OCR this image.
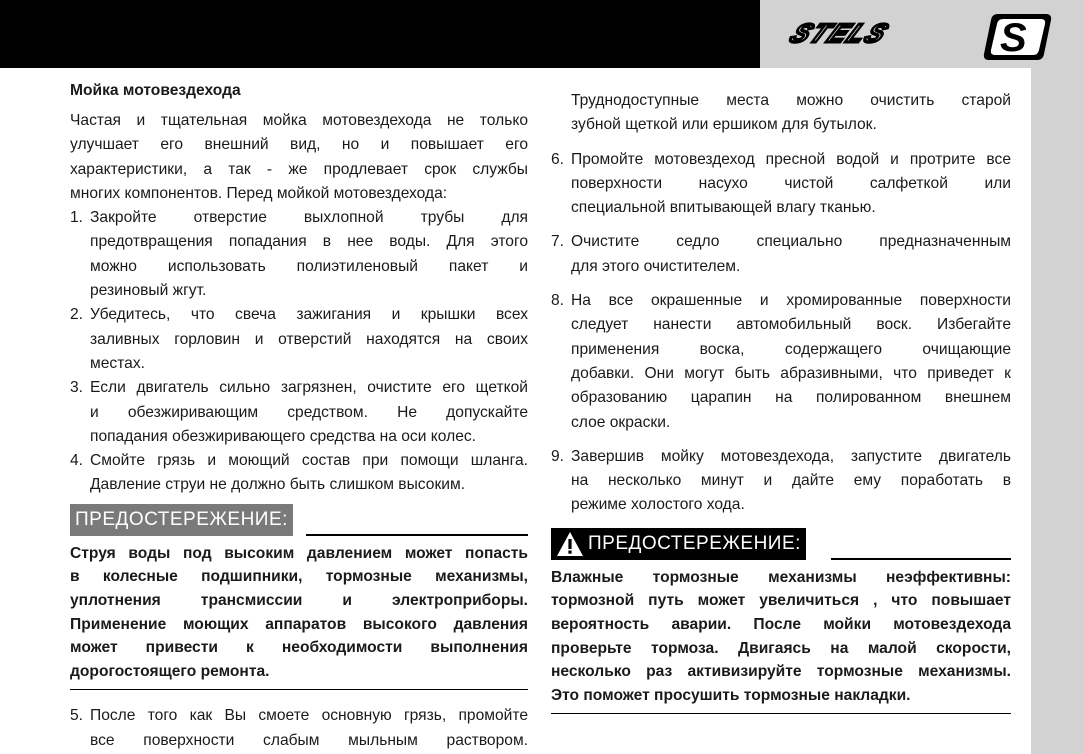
STELS	S
Мойка мотовездехода
Частая и тщательная мойка мотовездехода не только
улучшает его внешний вид, но и повышает его
характеристики, а так - же продлевает срок службы
многих компонентов. Перед мойкой мотовездехода:
1. Закройте отверстие выхлопной трубы для
предотвращения попадания в нее воды. Для этого
можно использовать полиэтиленовый пакет и
резиновый жгут.
2. Убедитесь, что свеча зажигания и крышки всех
заливных горловин и отверстий находятся на своих
местах.
3. Если двигатель сильно загрязнен, очистите его щеткой
и обезжиривающим средством. Не допускайте
попадания обезжиривающего средства на оси колес.
4. Смойте грязь и моющий состав при помощи шланга.
Давление струи не должно быть слишком высоким.
ПРЕДОСТЕРЕЖЕНИЕ:
Струя воды под высоким давлением может попасть
в колесные подшипники, тормозные механизмы,
уплотнения трансмиссии и электроприборы.
Применение моющих аппаратов высокого давления
может привести к необходимости выполнения
дорогостоящего ремонта.
5. После того как Вы смоете основную грязь, промойте
все поверхности слабым мыльным раствором.
Труднодоступные места можно очистить старой
зубной щеткой или ершиком для бутылок.
6. Промойте мотовездеход пресной водой и протрите все
поверхности насухо чистой салфеткой или
специальной впитывающей влагу тканью.
7. Очистите седло специально предназначенным
для этого очистителем.
8. На все окрашенные и хромированные поверхности
следует нанести автомобильный воск. Избегайте
применения воска, содержащего очищающие
добавки. Они могут быть абразивными, что приведет к
образованию царапин на полированном внешнем
слое окраски.
9. Завершив мойку мотовездехода, запустите двигатель
на несколько минут и дайте ему поработать в
режиме холостого хода.
ПРЕДОСТЕРЕЖЕНИЕ:
Влажные тормозные механизмы неэффективны:
тормозной путь может увеличиться , что повышает
вероятность аварии. После мойки мотовездехода
проверьте тормоза. Двигаясь на малой скорости,
несколько раз активизируйте тормозные механизмы.
Это поможет просушить тормозные накладки.
